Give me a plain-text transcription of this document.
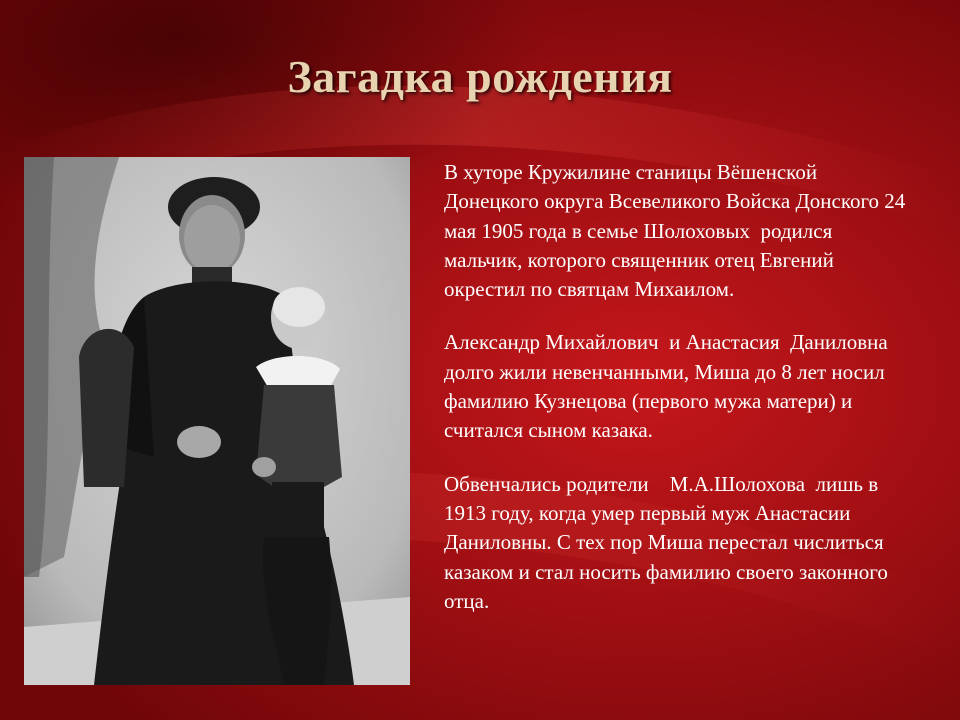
Загадка рождения

В хуторе Кружилине станицы Вёшенской Донецкого округа Всевеликого Войска Донского 24 мая 1905 года в семье Шолоховых  родился мальчик, которого священник отец Евгений окрестил по святцам Михаилом.

Александр Михайлович  и Анастасия  Даниловна долго жили невенчанными, Миша до 8 лет носил фамилию Кузнецова (первого мужа матери) и считался сыном казака.

Обвенчались родители    М.А.Шолохова  лишь в 1913 году, когда умер первый муж Анастасии Даниловны. С тех пор Миша перестал числиться казаком и стал носить фамилию своего законного отца.
